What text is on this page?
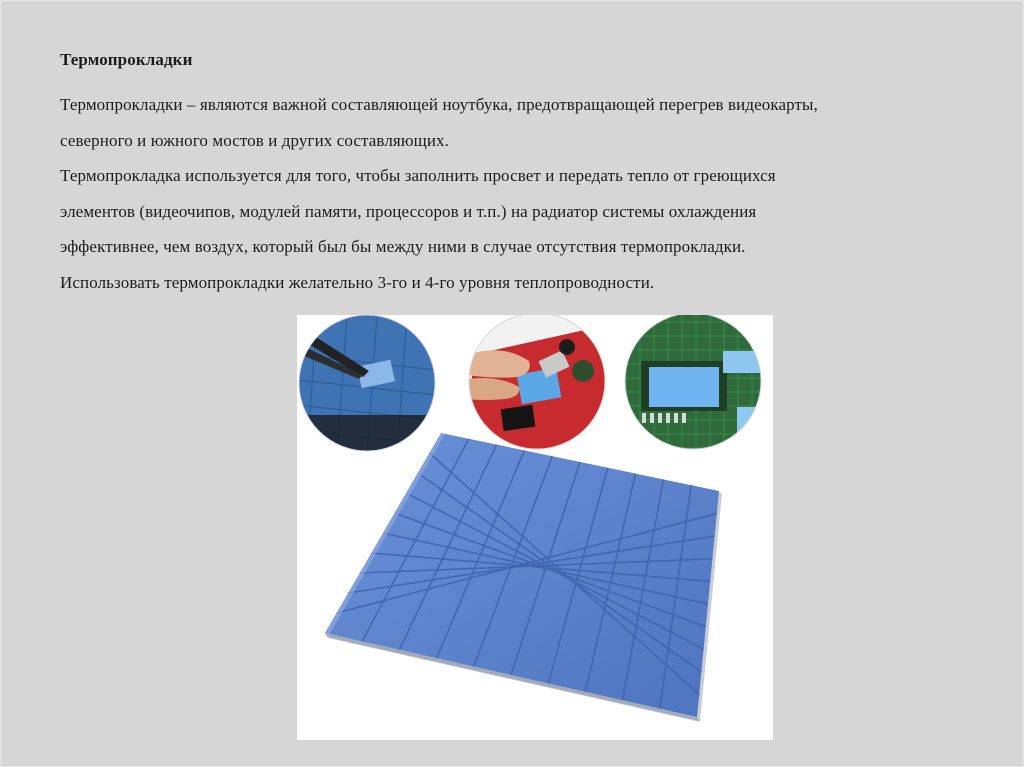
Термопрокладки

Термопрокладки – являются важной составляющей ноутбука, предотвращающей перегрев видеокарты,

северного и южного мостов и других составляющих.

Термопрокладка используется для того, чтобы заполнить просвет и передать тепло от греющихся

элементов (видеочипов, модулей памяти, процессоров и т.п.) на радиатор системы охлаждения

эффективнее, чем воздух, который был бы между ними в случае отсутствия термопрокладки.

Использовать термопрокладки желательно 3-го и 4-го уровня теплопроводности.
